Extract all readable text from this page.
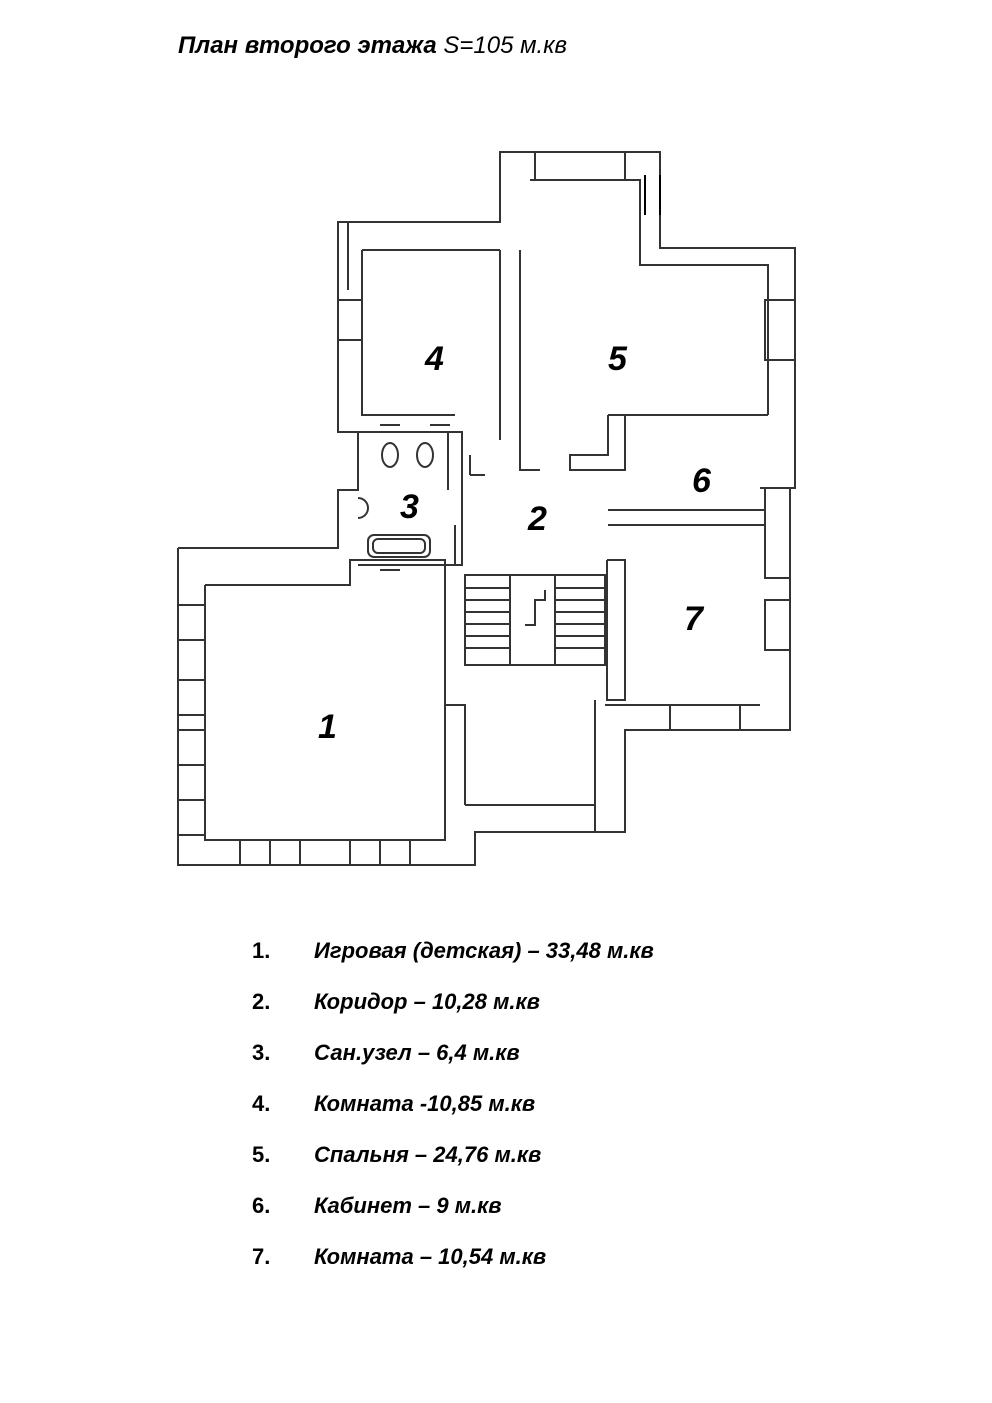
План второго этажа S=105 м.кв
1
2
3
4	5
6
7
1. Игровая (детская) – 33,48 м.кв
2. Коридор – 10,28 м.кв
3. Сан.узел – 6,4 м.кв
4. Комната -10,85 м.кв
5. Спальня – 24,76 м.кв
6. Кабинет – 9 м.кв
7. Комната – 10,54 м.кв
